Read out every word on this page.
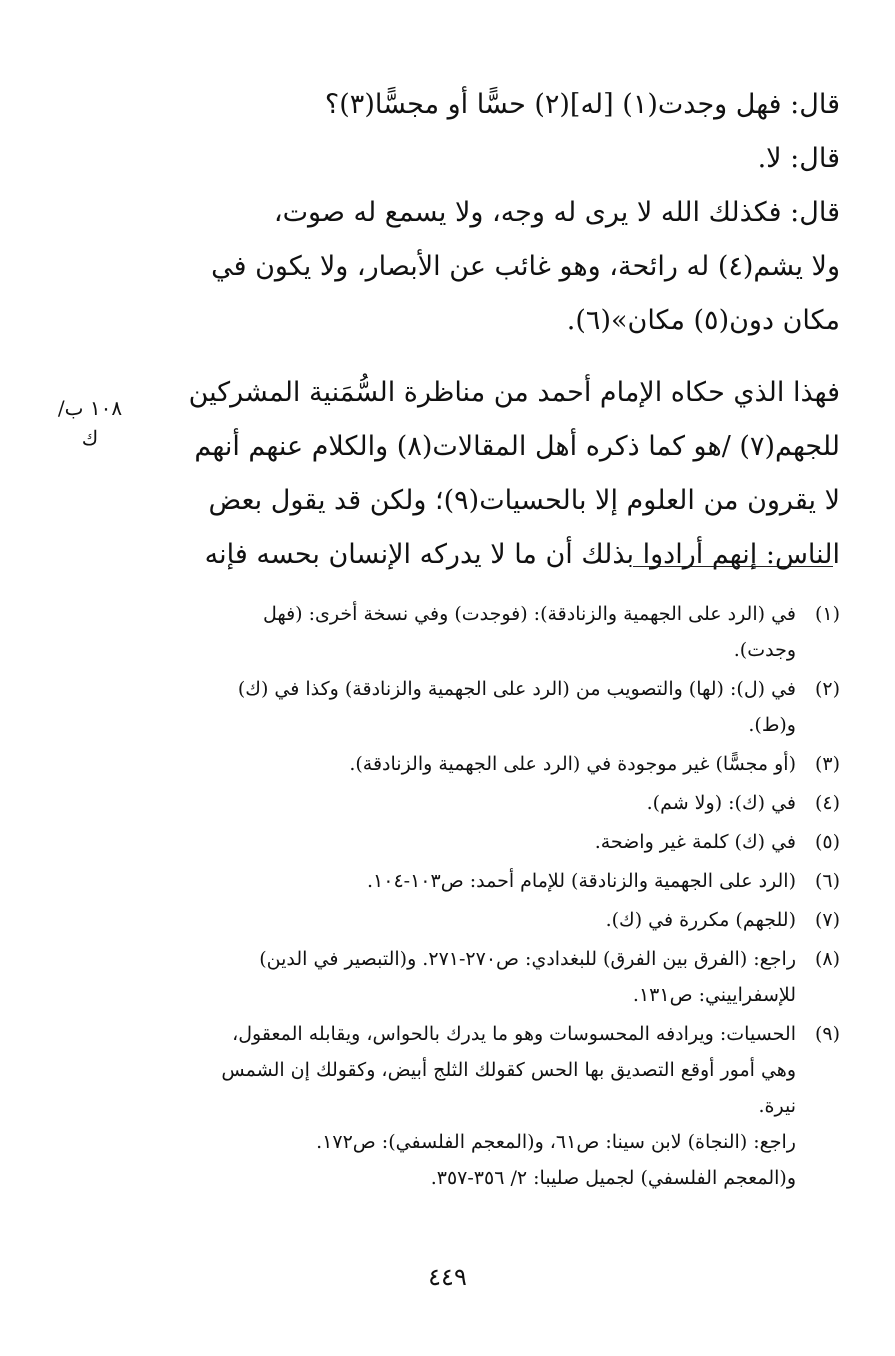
قال: فهل وجدت(١) [له](٢) حسًّا أو مجسًّا(٣)؟
قال: لا.
قال: فكذلك الله لا يرى له وجه، ولا يسمع له صوت،
ولا يشم(٤) له رائحة، وهو غائب عن الأبصار، ولا يكون في
مكان دون(٥) مكان»(٦).
فهذا الذي حكاه الإمام أحمد من مناظرة السُّمَنية المشركين
للجهم(٧) /هو كما ذكره أهل المقالات(٨) والكلام عنهم أنهم
لا يقرون من العلوم إلا بالحسيات(٩)؛ ولكن قد يقول بعض
الناس: إنهم أرادوا بذلك أن ما لا يدركه الإنسان بحسه فإنه
١٠٨ ب/ك
(١)
في (الرد على الجهمية والزنادقة): (فوجدت) وفي نسخة أخرى: (فهل
وجدت).
(٢)
في (ل): (لها) والتصويب من (الرد على الجهمية والزنادقة) وكذا في (ك)
و(ط).
(٣)
(أو مجسًّا) غير موجودة في (الرد على الجهمية والزنادقة).
(٤)
في (ك): (ولا شم).
(٥)
في (ك) كلمة غير واضحة.
(٦)
(الرد على الجهمية والزنادقة) للإمام أحمد: ص١٠٣-١٠٤.
(٧)
(للجهم) مكررة في (ك).
(٨)
راجع: (الفرق بين الفرق) للبغدادي: ص٢٧٠-٢٧١. و(التبصير في الدين)
للإسفراييني: ص١٣١.
(٩)
الحسيات: ويرادفه المحسوسات وهو ما يدرك بالحواس، ويقابله المعقول،
وهي أمور أوقع التصديق بها الحس كقولك الثلج أبيض، وكقولك إن الشمس
نيرة.
راجع: (النجاة) لابن سينا: ص٦١، و(المعجم الفلسفي): ص١٧٢.
و(المعجم الفلسفي) لجميل صليبا: ٢/ ٣٥٦-٣٥٧.
٤٤٩
